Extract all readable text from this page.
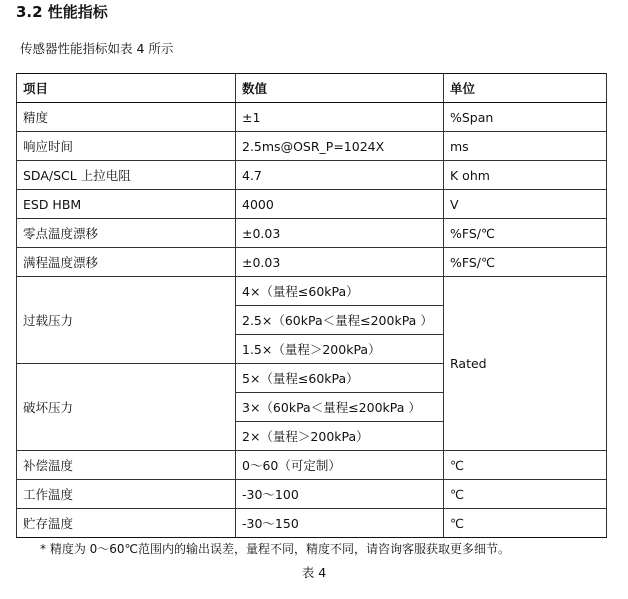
3.2 性能指标
传感器性能指标如表 4 所示
项目	数值	单位
精度	±1	%Span
响应时间	2.5ms@OSR_P=1024X	ms
SDA/SCL 上拉电阻	4.7	K ohm
ESD HBM	4000	V
零点温度漂移	±0.03	%FS/℃
满程温度漂移	±0.03	%FS/℃
过载压力	4×（量程≤60kPa）	Rated
	2.5×（60kPa＜量程≤200kPa ）	
	1.5×（量程＞200kPa）	
破坏压力	5×（量程≤60kPa）	
	3×（60kPa＜量程≤200kPa ）	
	2×（量程＞200kPa）	
补偿温度	0～60（可定制）	℃
工作温度	-30～100	℃
贮存温度	-30～150	℃
* 精度为 0～60℃范围内的输出误差，量程不同，精度不同，请咨询客服获取更多细节。
表 4
